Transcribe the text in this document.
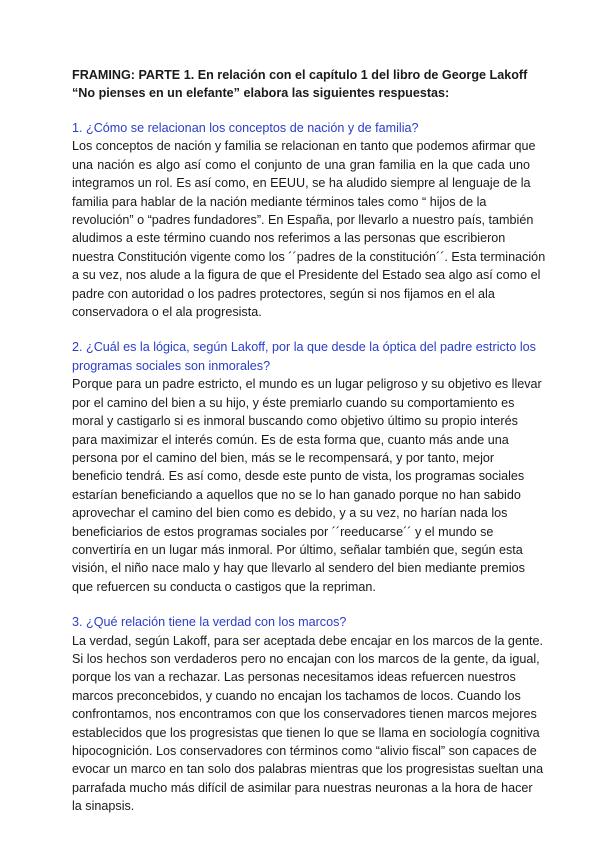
FRAMING: PARTE 1. En relación con el capítulo 1 del libro de George Lakoff
“No pienses en un elefante” elabora las siguientes respuestas:

1. ¿Cómo se relacionan los conceptos de nación y de familia?

Los conceptos de nación y familia se relacionan en tanto que podemos afirmar que
una nación es algo así como el conjunto de una gran familia en la que cada uno
integramos un rol. Es así como, en EEUU, se ha aludido siempre al lenguaje de la
familia para hablar de la nación mediante términos tales como “ hijos de la
revolución” o “padres fundadores”. En España, por llevarlo a nuestro país, también
aludimos a este término cuando nos referimos a las personas que escribieron
nuestra Constitución vigente como los ´´padres de la constitución´´. Esta terminación
a su vez, nos alude a la figura de que el Presidente del Estado sea algo así como el
padre con autoridad o los padres protectores, según si nos fijamos en el ala
conservadora o el ala progresista.

2. ¿Cuál es la lógica, según Lakoff, por la que desde la óptica del padre estricto los
programas sociales son inmorales?

Porque para un padre estricto, el mundo es un lugar peligroso y su objetivo es llevar
por el camino del bien a su hijo, y éste premiarlo cuando su comportamiento es
moral y castigarlo si es inmoral buscando como objetivo último su propio interés
para maximizar el interés común. Es de esta forma que, cuanto más ande una
persona por el camino del bien, más se le recompensará, y por tanto, mejor
beneficio tendrá. Es así como, desde este punto de vista, los programas sociales
estarían beneficiando a aquellos que no se lo han ganado porque no han sabido
aprovechar el camino del bien como es debido, y a su vez, no harían nada los
beneficiarios de estos programas sociales por ´´reeducarse´´ y el mundo se
convertiría en un lugar más inmoral. Por último, señalar también que, según esta
visión, el niño nace malo y hay que llevarlo al sendero del bien mediante premios
que refuercen su conducta o castigos que la repriman.

3. ¿Qué relación tiene la verdad con los marcos?

La verdad, según Lakoff, para ser aceptada debe encajar en los marcos de la gente.
Si los hechos son verdaderos pero no encajan con los marcos de la gente, da igual,
porque los van a rechazar. Las personas necesitamos ideas refuercen nuestros
marcos preconcebidos, y cuando no encajan los tachamos de locos. Cuando los
confrontamos, nos encontramos con que los conservadores tienen marcos mejores
establecidos que los progresistas que tienen lo que se llama en sociología cognitiva
hipocognición. Los conservadores con términos como “alivio fiscal” son capaces de
evocar un marco en tan solo dos palabras mientras que los progresistas sueltan una
parrafada mucho más difícil de asimilar para nuestras neuronas a la hora de hacer
la sinapsis.
